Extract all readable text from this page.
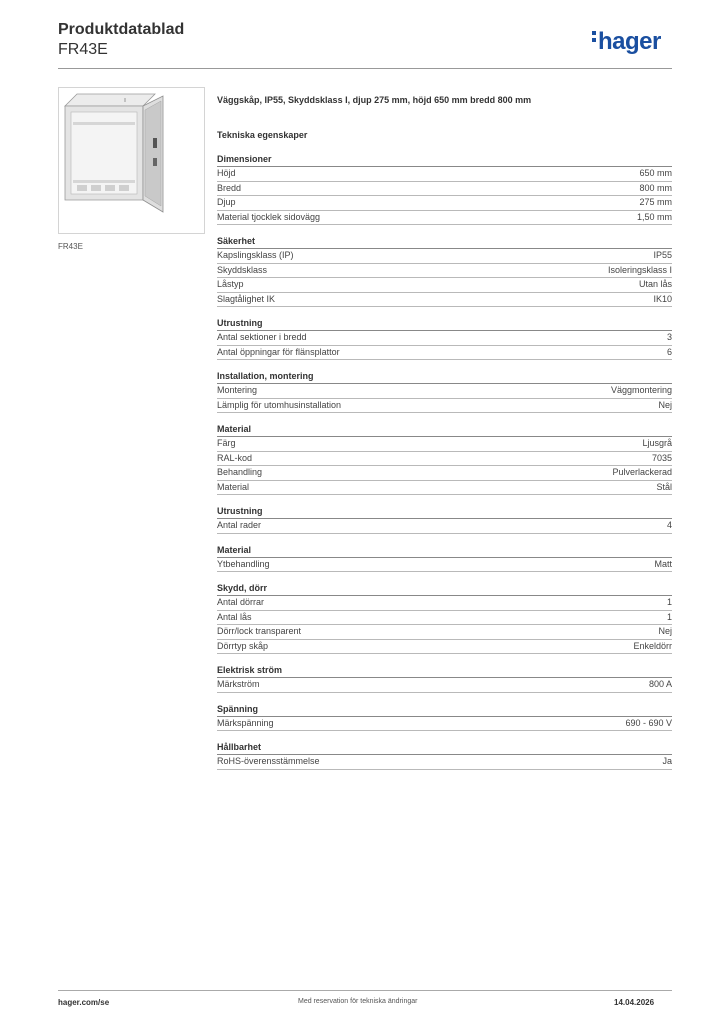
Produktdatablad
FR43E	hager
FR43E
Väggskåp, IP55, Skyddsklass I, djup 275 mm, höjd 650 mm bredd 800 mm
Tekniska egenskaper
Dimensioner
Höjd	650 mm
Bredd	800 mm
Djup	275 mm
Material tjocklek sidovägg	1,50 mm
Säkerhet
Kapslingsklass (IP)	IP55
Skyddsklass	Isoleringsklass I
Låstyp	Utan lås
Slagtålighet IK	IK10
Utrustning
Antal sektioner i bredd	3
Antal öppningar för flänsplattor	6
Installation, montering
Montering	Väggmontering
Lämplig för utomhusinstallation	Nej
Material
Färg	Ljusgrå
RAL-kod	7035
Behandling	Pulverlackerad
Material	Stål
Utrustning
Antal rader	4
Material
Ytbehandling	Matt
Skydd, dörr
Antal dörrar	1
Antal lås	1
Dörr/lock transparent	Nej
Dörrtyp skåp	Enkeldörr
Elektrisk ström
Märkström	800 A
Spänning
Märkspänning	690 - 690 V
Hållbarhet
RoHS-överensstämmelse	Ja
hager.com/se	Med reservation för tekniska ändringar	14.04.2026
